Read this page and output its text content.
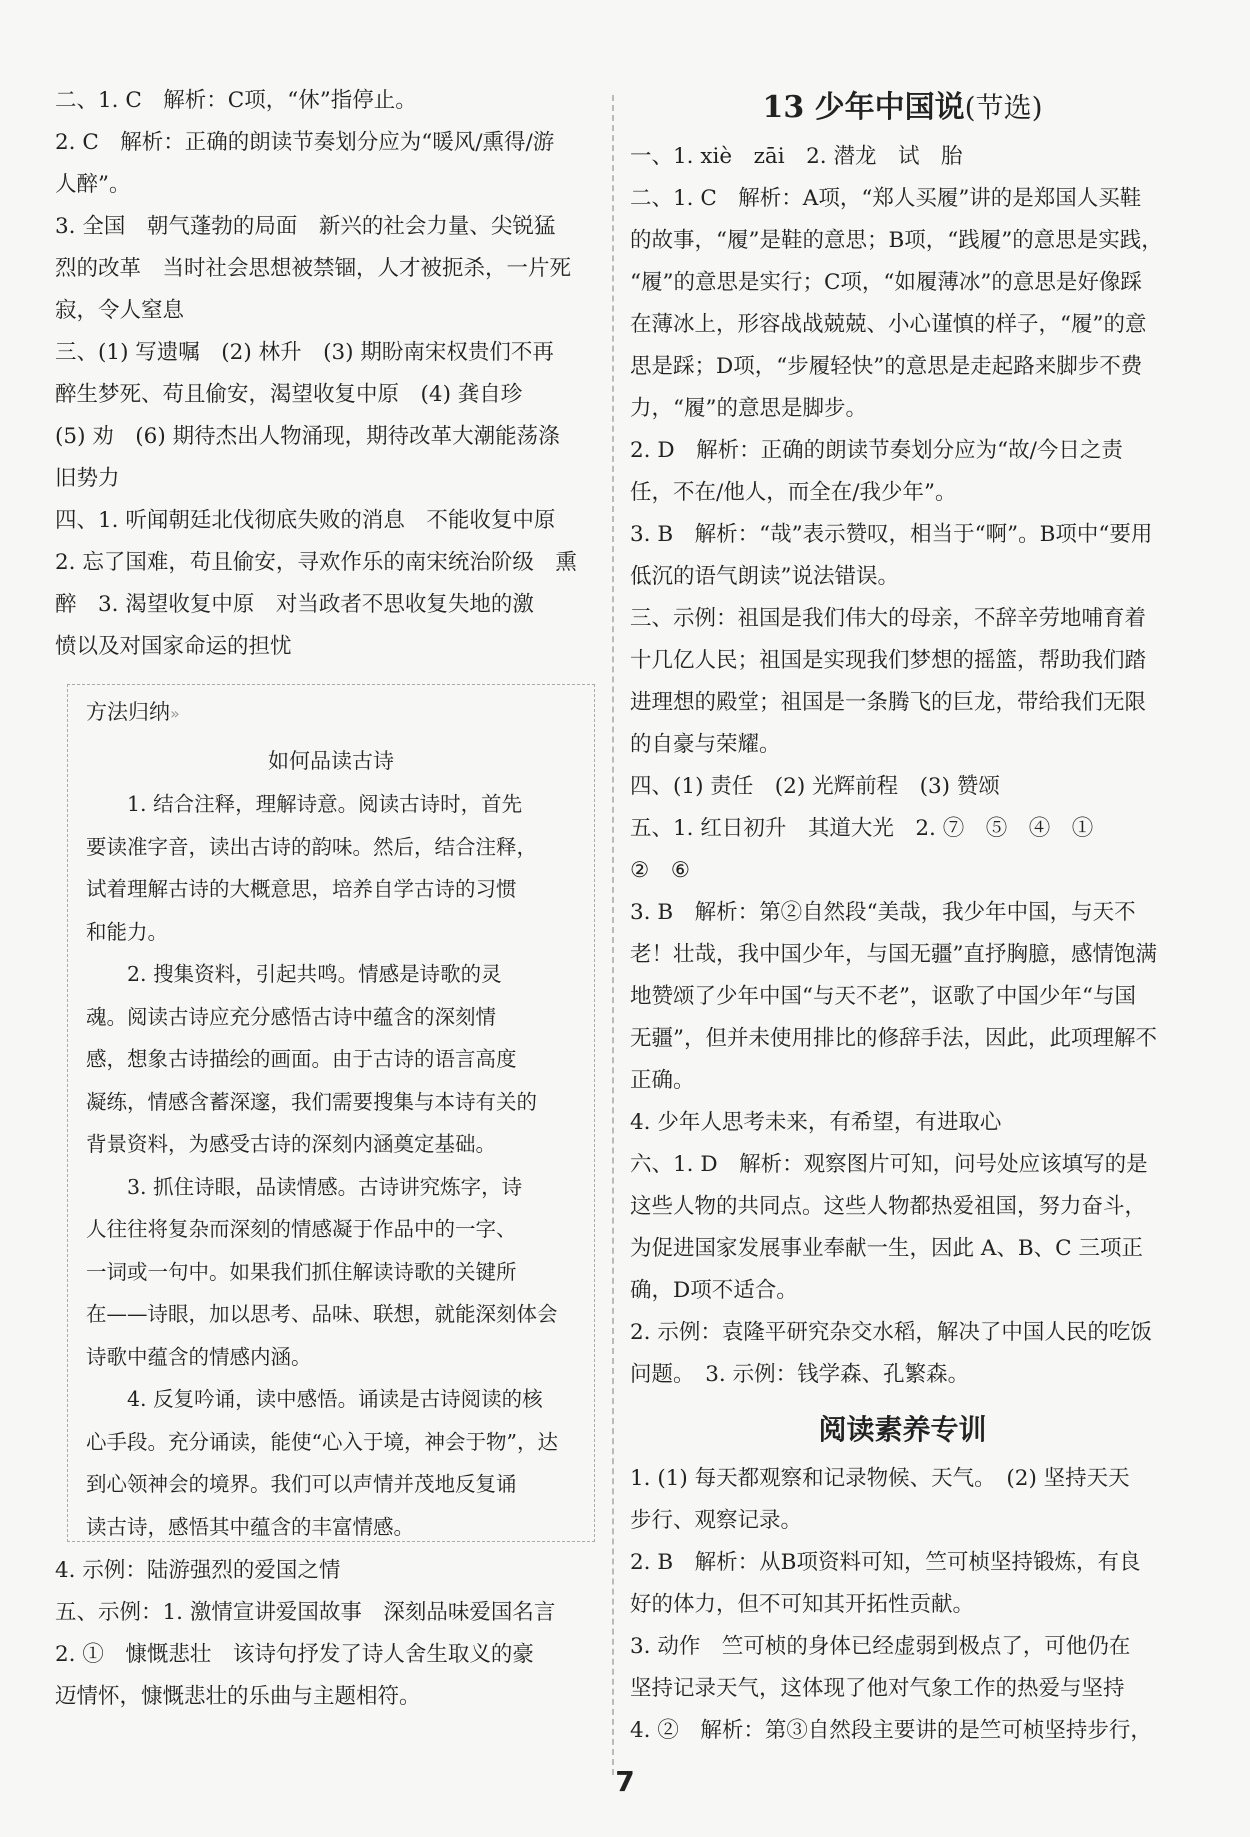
二、1. C　解析：C项，“休”指停止。
2. C　解析：正确的朗读节奏划分应为“暖风/熏得/游
人醉”。
3. 全国　朝气蓬勃的局面　新兴的社会力量、尖锐猛
烈的改革　当时社会思想被禁锢，人才被扼杀，一片死
寂，令人窒息
三、(1) 写遗嘱　(2) 林升　(3) 期盼南宋权贵们不再
醉生梦死、苟且偷安，渴望收复中原　(4) 龚自珍
(5) 劝　(6) 期待杰出人物涌现，期待改革大潮能荡涤
旧势力
四、1. 听闻朝廷北伐彻底失败的消息　不能收复中原
2. 忘了国难，苟且偷安，寻欢作乐的南宋统治阶级　熏
醉　3. 渴望收复中原　对当政者不思收复失地的激
愤以及对国家命运的担忧
方法归纳»
如何品读古诗
1. 结合注释，理解诗意。阅读古诗时，首先
要读准字音，读出古诗的韵味。然后，结合注释，
试着理解古诗的大概意思，培养自学古诗的习惯
和能力。
2. 搜集资料，引起共鸣。情感是诗歌的灵
魂。阅读古诗应充分感悟古诗中蕴含的深刻情
感，想象古诗描绘的画面。由于古诗的语言高度
凝练，情感含蓄深邃，我们需要搜集与本诗有关的
背景资料，为感受古诗的深刻内涵奠定基础。
3. 抓住诗眼，品读情感。古诗讲究炼字，诗
人往往将复杂而深刻的情感凝于作品中的一字、
一词或一句中。如果我们抓住解读诗歌的关键所
在——诗眼，加以思考、品味、联想，就能深刻体会
诗歌中蕴含的情感内涵。
4. 反复吟诵，读中感悟。诵读是古诗阅读的核
心手段。充分诵读，能使“心入于境，神会于物”，达
到心领神会的境界。我们可以声情并茂地反复诵
读古诗，感悟其中蕴含的丰富情感。
4. 示例：陆游强烈的爱国之情
五、示例：1. 激情宣讲爱国故事　深刻品味爱国名言
2. ①　慷慨悲壮　该诗句抒发了诗人舍生取义的豪
迈情怀，慷慨悲壮的乐曲与主题相符。
13 少年中国说(节选)
一、1. xiè　zāi　2. 潜龙　试　胎
二、1. C　解析：A项，“郑人买履”讲的是郑国人买鞋
的故事，“履”是鞋的意思；B项，“践履”的意思是实践，
“履”的意思是实行；C项，“如履薄冰”的意思是好像踩
在薄冰上，形容战战兢兢、小心谨慎的样子，“履”的意
思是踩；D项，“步履轻快”的意思是走起路来脚步不费
力，“履”的意思是脚步。
2. D　解析：正确的朗读节奏划分应为“故/今日之责
任，不在/他人，而全在/我少年”。
3. B　解析：“哉”表示赞叹，相当于“啊”。B项中“要用
低沉的语气朗读”说法错误。
三、示例：祖国是我们伟大的母亲，不辞辛劳地哺育着
十几亿人民；祖国是实现我们梦想的摇篮，帮助我们踏
进理想的殿堂；祖国是一条腾飞的巨龙，带给我们无限
的自豪与荣耀。
四、(1) 责任　(2) 光辉前程　(3) 赞颂
五、1. 红日初升　其道大光　2. ⑦　⑤　④　①
②　⑥
3. B　解析：第②自然段“美哉，我少年中国，与天不
老！壮哉，我中国少年，与国无疆”直抒胸臆，感情饱满
地赞颂了少年中国“与天不老”，讴歌了中国少年“与国
无疆”，但并未使用排比的修辞手法，因此，此项理解不
正确。
4. 少年人思考未来，有希望，有进取心
六、1. D　解析：观察图片可知，问号处应该填写的是
这些人物的共同点。这些人物都热爱祖国，努力奋斗，
为促进国家发展事业奉献一生，因此 A、B、C 三项正
确，D项不适合。
2. 示例：袁隆平研究杂交水稻，解决了中国人民的吃饭
问题。　3. 示例：钱学森、孔繁森。
阅读素养专训
1. (1) 每天都观察和记录物候、天气。　(2) 坚持天天
步行、观察记录。
2. B　解析：从B项资料可知，竺可桢坚持锻炼，有良
好的体力，但不可知其开拓性贡献。
3. 动作　竺可桢的身体已经虚弱到极点了，可他仍在
坚持记录天气，这体现了他对气象工作的热爱与坚持
4. ②　解析：第③自然段主要讲的是竺可桢坚持步行，
7
